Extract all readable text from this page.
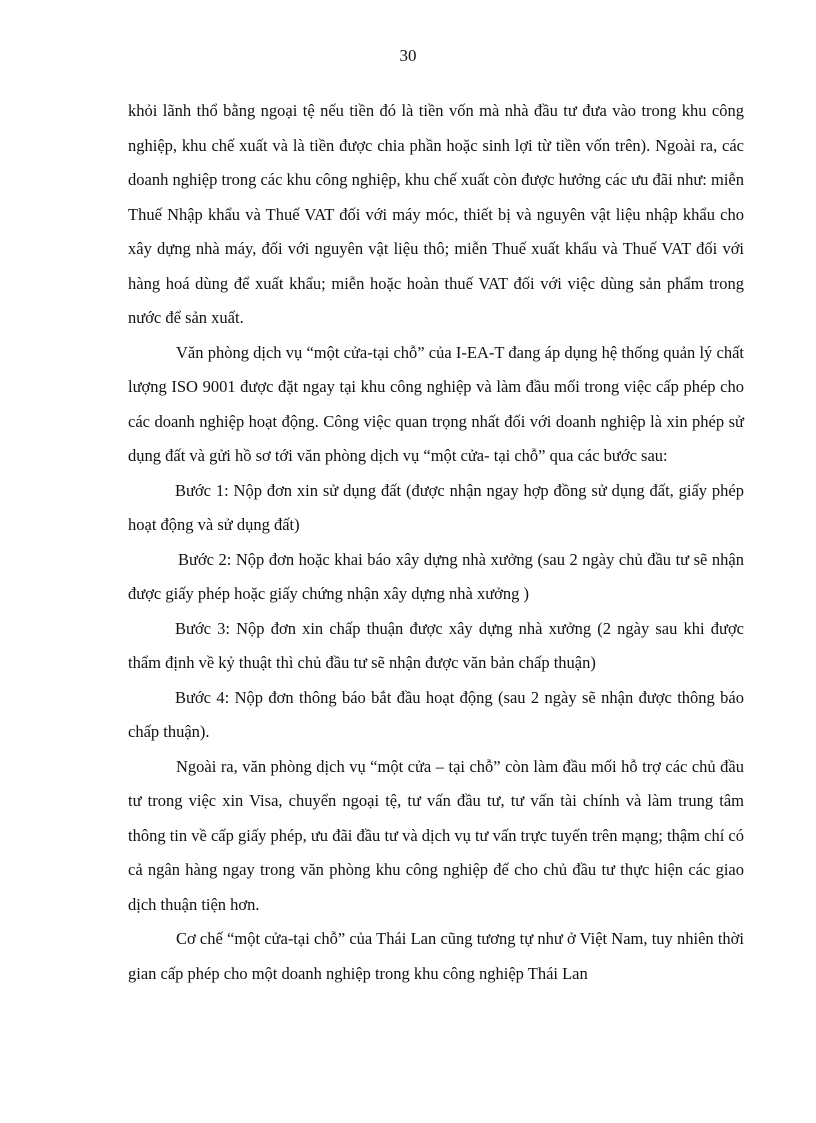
30

khỏi lãnh thổ bằng ngoại tệ nếu tiền đó là tiền vốn mà nhà đầu tư đưa vào trong khu công nghiệp, khu chế xuất và là tiền được chia phần hoặc sinh lợi từ tiền vốn trên). Ngoài ra, các doanh nghiệp trong các khu công nghiệp, khu chế xuất còn được hưởng các ưu đãi như: miễn Thuế Nhập khẩu và Thuế VAT đối với máy móc, thiết bị và nguyên vật liệu nhập khẩu cho xây dựng nhà máy, đối với nguyên vật liệu thô; miễn Thuế xuất khẩu và Thuế VAT đối với hàng hoá dùng để xuất khẩu; miễn hoặc hoàn thuế VAT đối với việc dùng sản phẩm trong nước để sản xuất.

Văn phòng dịch vụ “một cửa-tại chỗ” của I-EA-T đang áp dụng hệ thống quản lý chất lượng ISO 9001 được đặt ngay tại khu công nghiệp và làm đầu mối trong việc cấp phép cho các doanh nghiệp hoạt động. Công việc quan trọng nhất đối với doanh nghiệp là xin phép sử dụng đất và gửi hồ sơ tới văn phòng dịch vụ “một cửa- tại chỗ” qua các bước sau:

Bước 1: Nộp đơn xin sử dụng đất (được nhận ngay hợp đồng sử dụng đất, giấy phép hoạt động và sử dụng đất)

Bước 2: Nộp đơn hoặc khai báo xây dựng nhà xưởng (sau 2 ngày chủ đầu tư sẽ nhận được giấy phép hoặc giấy chứng nhận xây dựng nhà xưởng )

Bước 3: Nộp đơn xin chấp thuận được xây dựng nhà xưởng (2 ngày sau khi được thẩm định về kỷ thuật thì chủ đầu tư sẽ nhận được văn bản chấp thuận)

Bước 4: Nộp đơn thông báo bắt đầu hoạt động (sau 2 ngày sẽ nhận được thông báo chấp thuận).

Ngoài ra, văn phòng dịch vụ “một cửa – tại chỗ” còn làm đầu mối hỗ trợ các chủ đầu tư trong việc xin Visa, chuyển ngoại tệ, tư vấn đầu tư, tư vấn tài chính và làm trung tâm thông tin về cấp giấy phép, ưu đãi đầu tư và dịch vụ tư vấn trực tuyến trên mạng; thậm chí có cả ngân hàng ngay trong văn phòng khu công nghiệp để cho chủ đầu tư thực hiện các giao dịch thuận tiện hơn.

Cơ chế “một cửa-tại chỗ” của Thái Lan cũng tương tự như ở Việt Nam, tuy nhiên thời gian cấp phép cho một doanh nghiệp trong khu công nghiệp Thái Lan
